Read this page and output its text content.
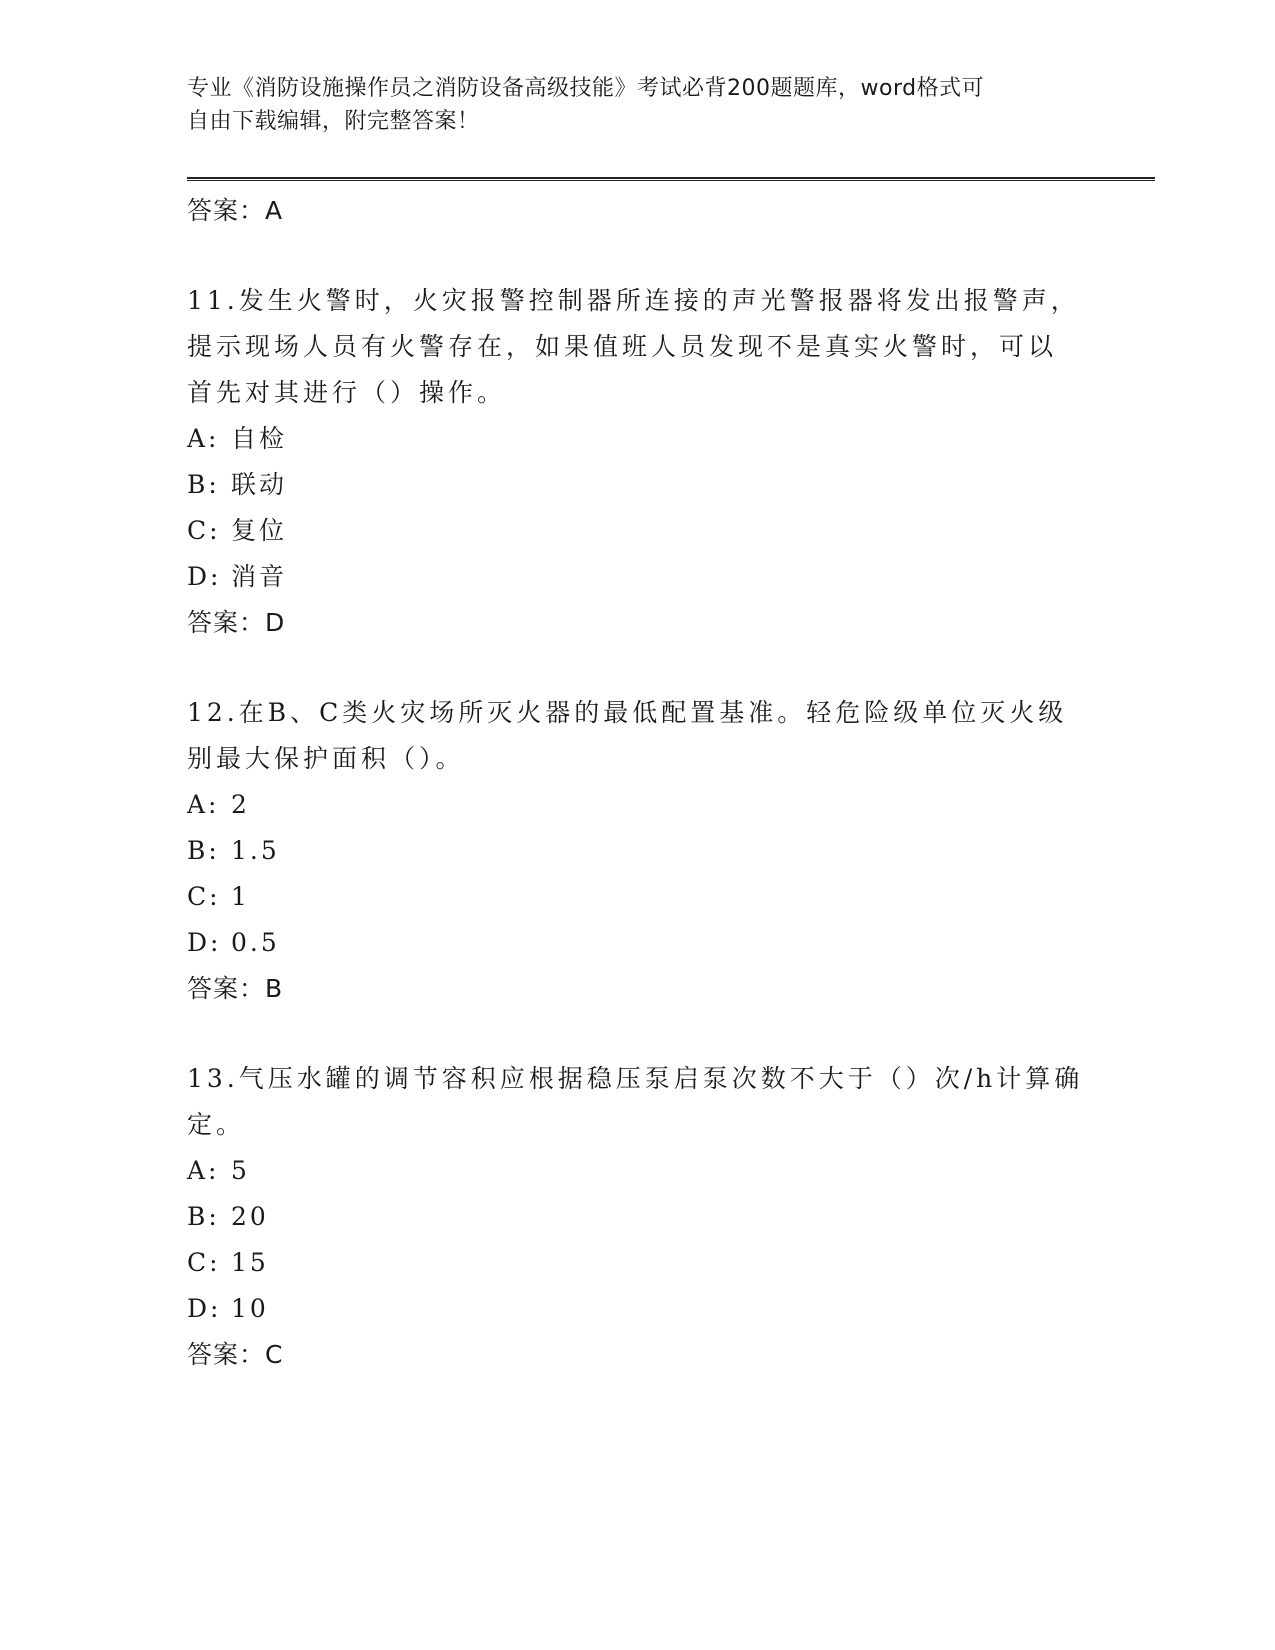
专业《消防设施操作员之消防设备高级技能》考试必背200题题库，word格式可
自由下载编辑，附完整答案！
答案：A
11.发生火警时，火灾报警控制器所连接的声光警报器将发出报警声，
提示现场人员有火警存在，如果值班人员发现不是真实火警时，可以
首先对其进行（）操作。
A: 自检
B: 联动
C: 复位
D: 消音
答案：D
12.在B、C类火灾场所灭火器的最低配置基准。轻危险级单位灭火级
别最大保护面积（）。
A: 2
B: 1.5
C: 1
D: 0.5
答案：B
13.气压水罐的调节容积应根据稳压泵启泵次数不大于（）次/h计算确
定。
A: 5
B: 20
C: 15
D: 10
答案：C
